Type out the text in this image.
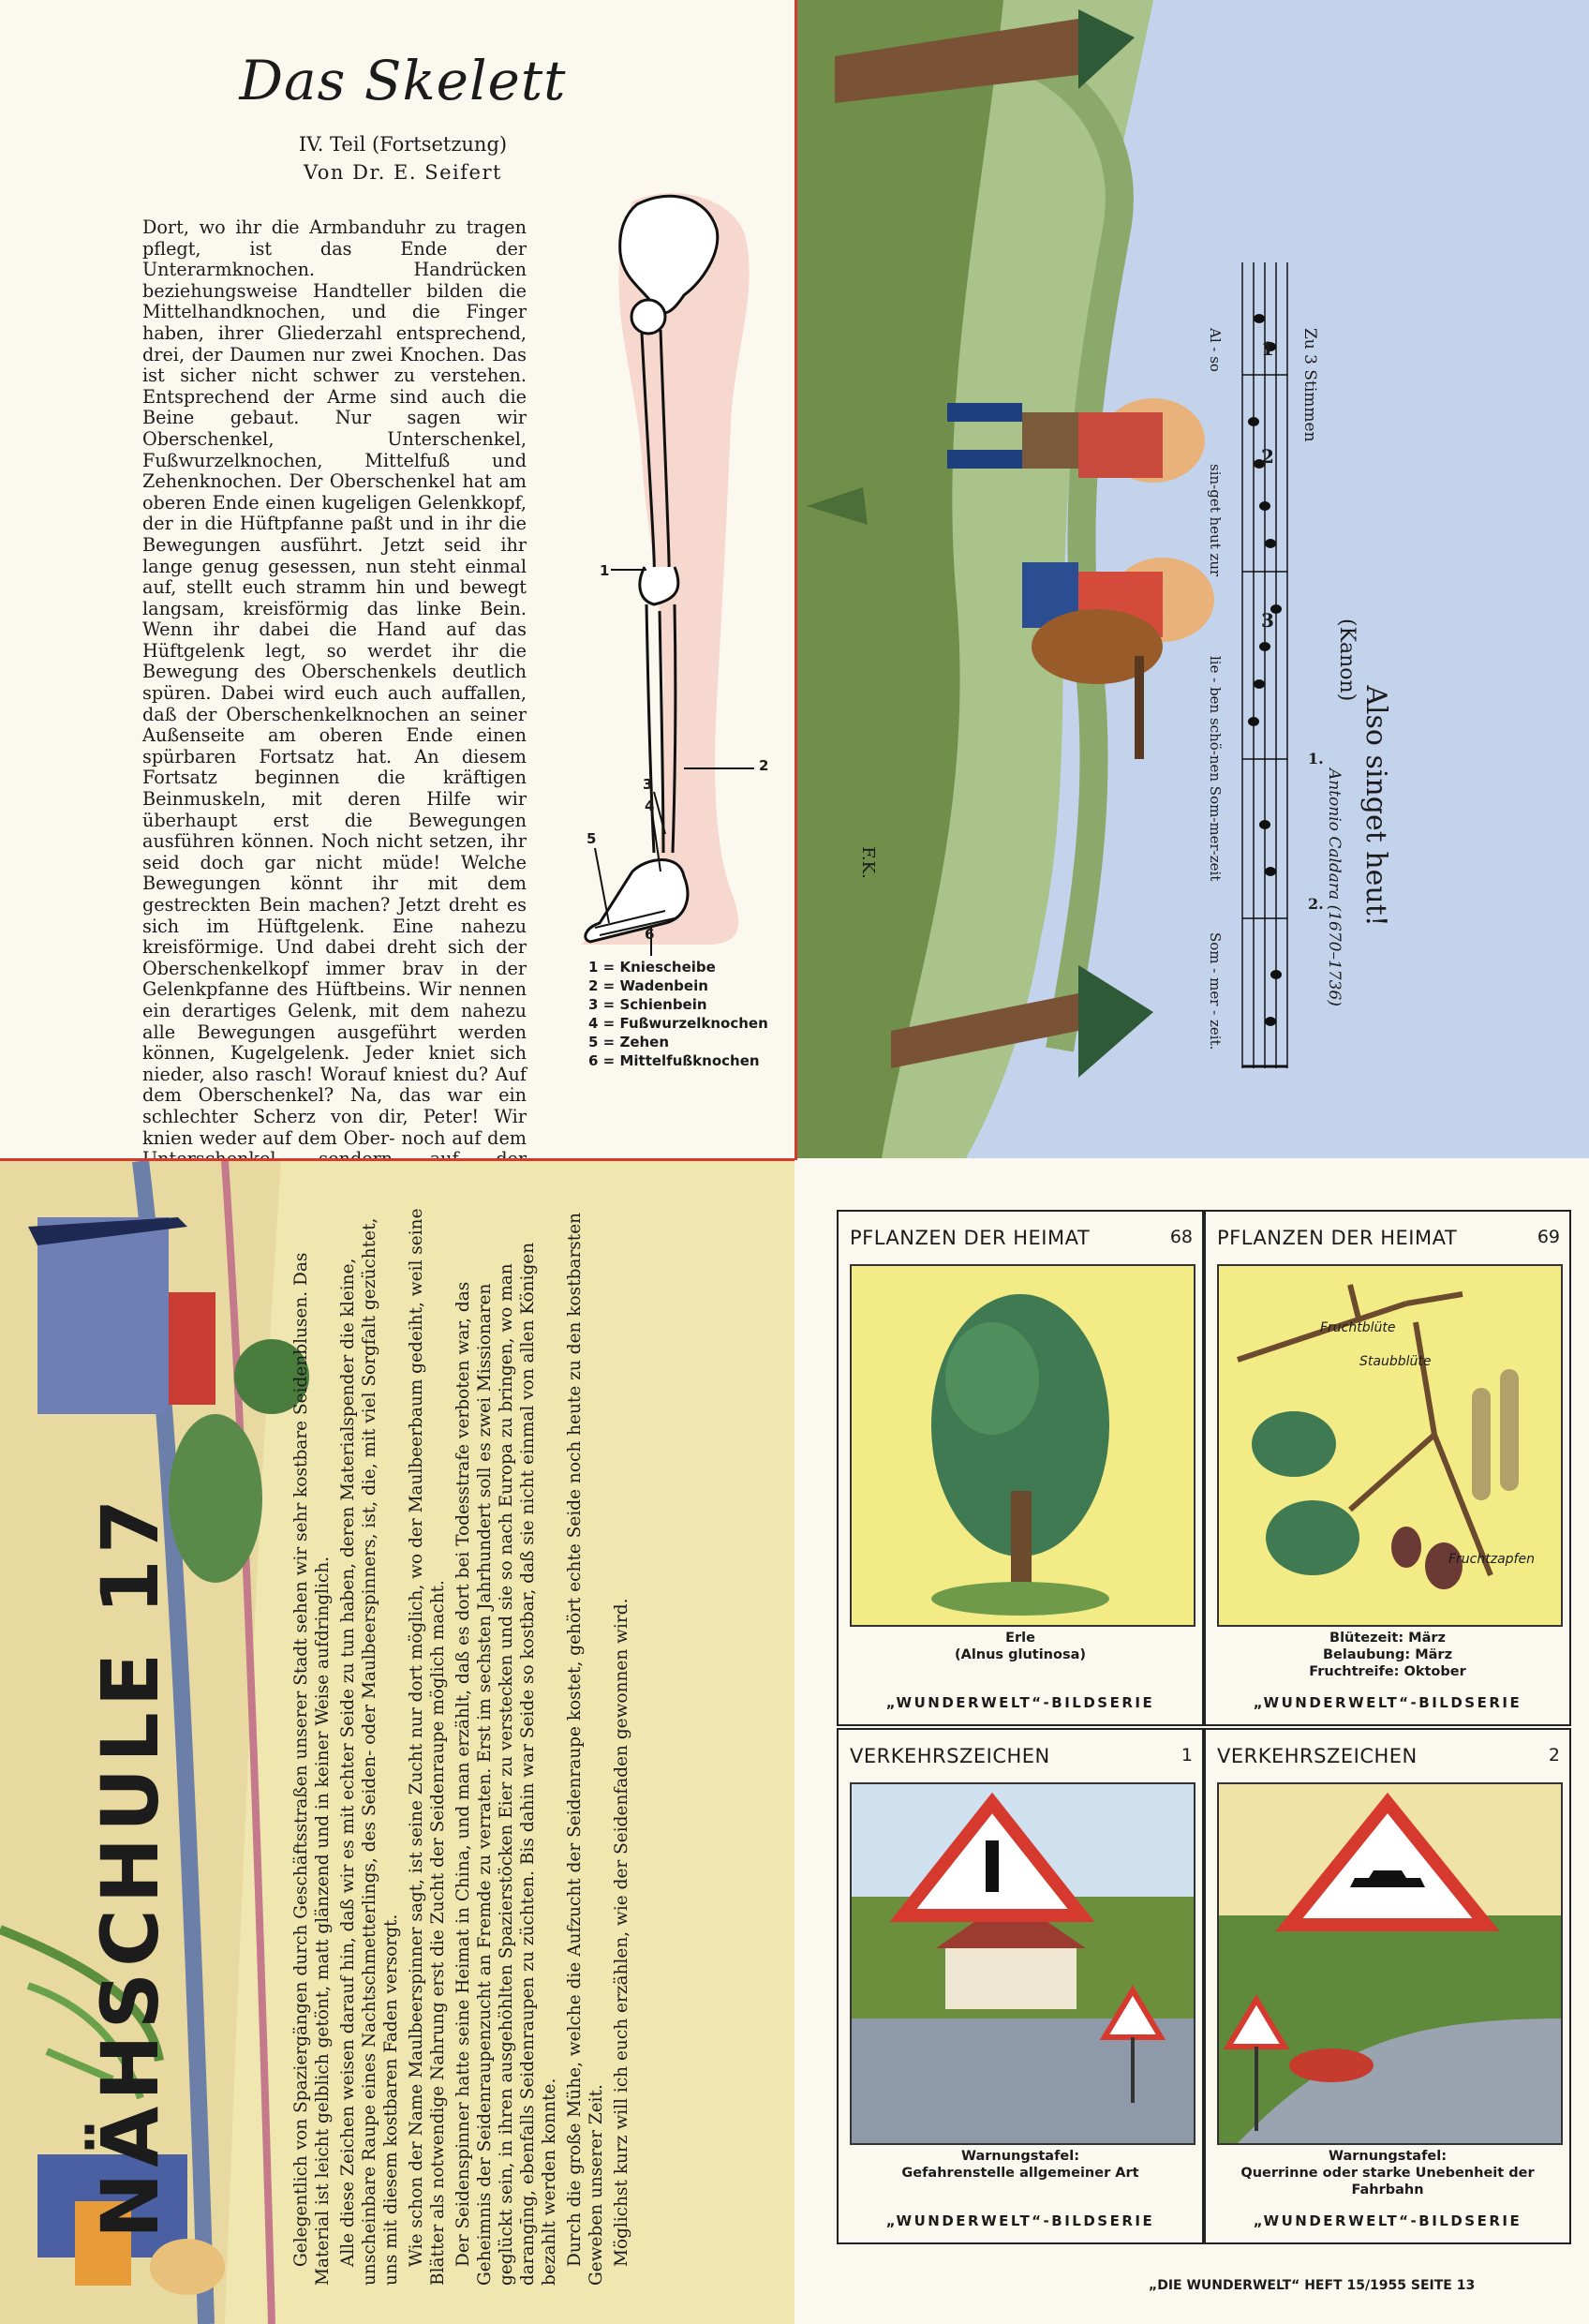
Das Skelett
IV. Teil (Fortsetzung)
Von Dr. E. Seifert
Dort, wo ihr die Armbanduhr zu tragen pflegt, ist das Ende der Unterarmknochen. Handrücken beziehungsweise Handteller bilden die Mittelhandknochen, und die Finger haben, ihrer Gliederzahl entsprechend, drei, der Daumen nur zwei Knochen. Das ist sicher nicht schwer zu verstehen. Entsprechend der Arme sind auch die Beine gebaut. Nur sagen wir Oberschenkel, Unterschenkel, Fußwurzelknochen, Mittelfuß und Zehenknochen. Der Oberschenkel hat am oberen Ende einen kugeligen Gelenkkopf, der in die Hüftpfanne paßt und in ihr die Bewegungen ausführt. Jetzt seid ihr lange genug gesessen, nun steht einmal auf, stellt euch stramm hin und bewegt langsam, kreisförmig das linke Bein. Wenn ihr dabei die Hand auf das Hüftgelenk legt, so werdet ihr die Bewegung des Oberschenkels deutlich spüren. Dabei wird euch auch auffallen, daß der Oberschenkelknochen an seiner Außenseite am oberen Ende einen spürbaren Fortsatz hat. An diesem Fortsatz beginnen die kräftigen Beinmuskeln, mit deren Hilfe wir überhaupt erst die Bewegungen ausführen können. Noch nicht setzen, ihr seid doch gar nicht müde! Welche Bewegungen könnt ihr mit dem gestreckten Bein machen? Jetzt dreht es sich im Hüftgelenk. Eine nahezu kreisförmige. Und dabei dreht sich der Oberschenkelkopf immer brav in der Gelenkpfanne des Hüftbeins. Wir nennen ein derartiges Gelenk, mit dem nahezu alle Bewegungen ausgeführt werden können, Kugelgelenk. Jeder kniet sich nieder, also rasch! Worauf kniest du? Auf dem Oberschenkel? Na, das war ein schlechter Scherz von dir, Peter! Wir knien weder auf dem Ober- noch auf dem
1
2
3
4
5
6
1 = Kniescheibe
2 = Wadenbein
3 = Schienbein
4 = Fußwurzelknochen
5 = Zehen
6 = Mittelfußknochen
Also singet heut!
(Kanon)
Zu 3 Stimmen
Antonio Caldara (1670–1736)
1
2
3
1.
2.
Al - so
sin-get heut zur
lie - ben schö-nen Som-mer-zeit
Som - mer - zeit.
F.K.
NÄHSCHULE 17	Gelegentlich von Spaziergängen durch Geschäftsstraßen unserer Stadt sehen wir sehr kostbare Seidenblusen. Das Material ist leicht gelblich getönt, matt glänzend und in keiner Weise aufdringlich. Alle diese Zeichen weisen darauf hin, daß wir es mit echter Seide zu tun haben, deren Materialspender die kleine, unscheinbare Raupe eines Nachtschmetterlings, des Seiden- oder Maulbeerspinners, ist, die, mit viel Sorgfalt gezüchtet, uns mit diesem kostbaren Faden versorgt. Wie schon der Name Maulbeerspinner sagt, ist seine Zucht nur dort möglich, wo der Maulbeerbaum gedeiht, weil seine Blätter als notwendige Nahrung erst die Zucht der Seidenraupe möglich macht. Der Seidenspinner hatte seine Heimat in China, und man erzählt, daß es dort bei Todesstrafe verboten war, das Geheimnis der Seidenraupenzucht an Fremde zu verraten. Erst im sechsten Jahrhundert soll es zwei Missionaren geglückt sein, in ihren ausgehöhlten Spazierstöcken Eier zu verstecken und sie so nach Europa zu bringen, wo man darangīng, ebenfalls Seidenraupen zu züchten. Bis dahin war Seide so kostbar, daß sie nicht einmal von allen Königen bezahlt werden konnte. Durch die große Mühe, welche die Aufzucht der Seidenraupe kostet, gehört echte Seide noch heute zu den kostbarsten Geweben unserer Zeit. Möglichst kurz will ich euch erzählen, wie der Seidenfaden gewonnen wird.

PFLANZEN DER HEIMAT	68
Erle
(Alnus glutinosa)
„WUNDERWELT“-BILDSERIE
PFLANZEN DER HEIMAT	69
Fruchtblüte
Staubblüte
Fruchtzapfen
Blütezeit: März
Belaubung: März
Fruchtreife: Oktober
„WUNDERWELT“-BILDSERIE
VERKEHRSZEICHEN	1
Warnungstafel:
Gefahrenstelle allgemeiner Art
„WUNDERWELT“-BILDSERIE
VERKEHRSZEICHEN	2
Warnungstafel:
Querrinne oder starke Unebenheit der Fahrbahn
„WUNDERWELT“-BILDSERIE
„DIE WUNDERWELT“ HEFT 15/1955 SEITE 13
